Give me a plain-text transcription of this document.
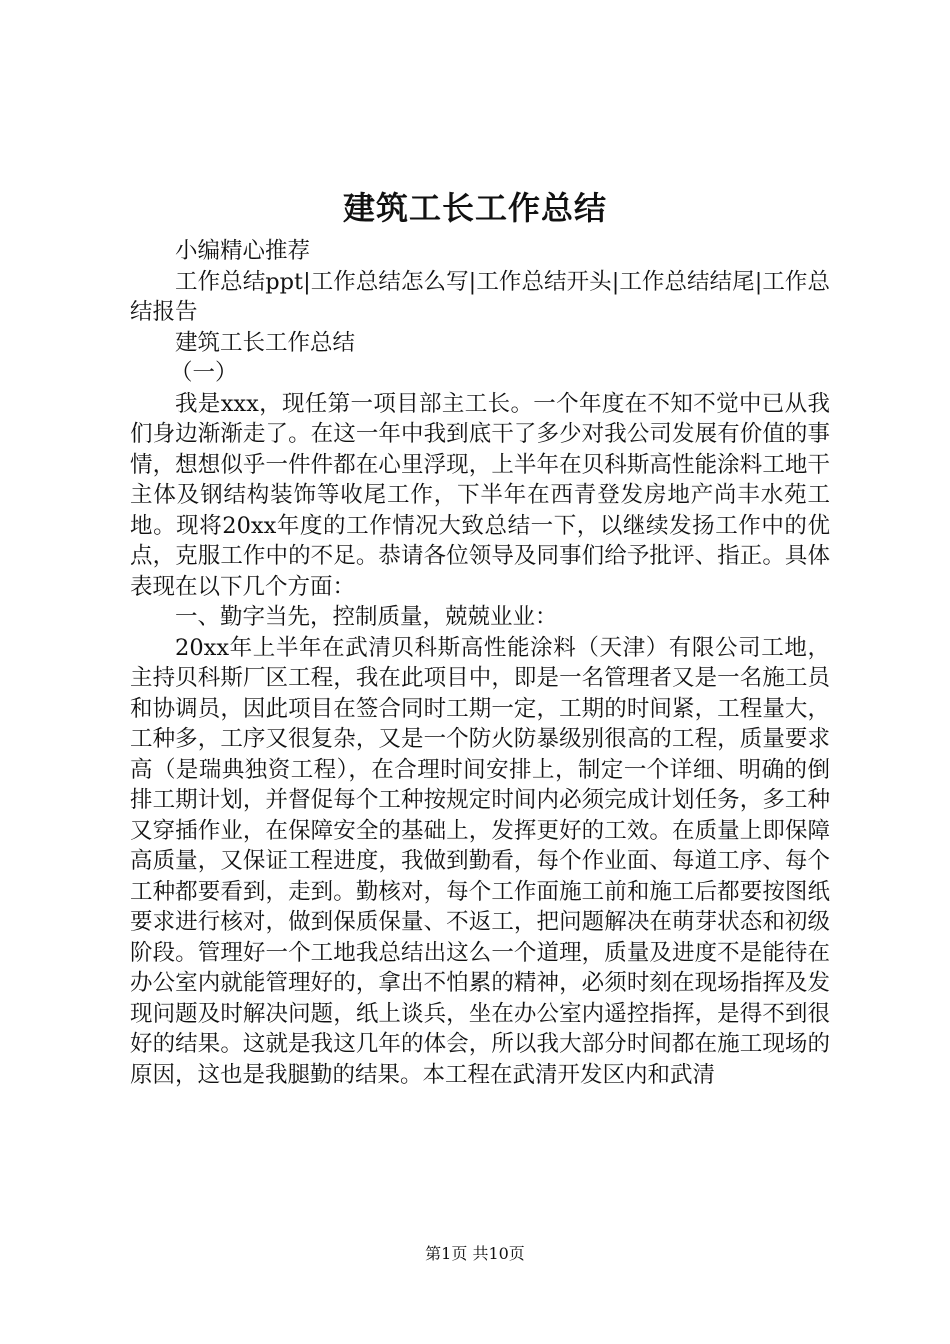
建筑工长工作总结

小编精心推荐

工作总结ppt|工作总结怎么写|工作总结开头|工作总结结尾|工作总结报告

建筑工长工作总结

（一）

我是xxx，现任第一项目部主工长。一个年度在不知不觉中已从我们身边渐渐走了。在这一年中我到底干了多少对我公司发展有价值的事情，想想似乎一件件都在心里浮现，上半年在贝科斯高性能涂料工地干主体及钢结构装饰等收尾工作，下半年在西青登发房地产尚丰水苑工地。现将20xx年度的工作情况大致总结一下，以继续发扬工作中的优点，克服工作中的不足。恭请各位领导及同事们给予批评、指正。具体表现在以下几个方面：

一、勤字当先，控制质量，兢兢业业：

20xx年上半年在武清贝科斯高性能涂料（天津）有限公司工地，主持贝科斯厂区工程，我在此项目中，即是一名管理者又是一名施工员和协调员，因此项目在签合同时工期一定，工期的时间紧，工程量大，工种多，工序又很复杂，又是一个防火防暴级别很高的工程，质量要求高（是瑞典独资工程），在合理时间安排上，制定一个详细、明确的倒排工期计划，并督促每个工种按规定时间内必须完成计划任务，多工种又穿插作业，在保障安全的基础上，发挥更好的工效。在质量上即保障高质量，又保证工程进度，我做到勤看，每个作业面、每道工序、每个工种都要看到，走到。勤核对，每个工作面施工前和施工后都要按图纸要求进行核对，做到保质保量、不返工，把问题解决在萌芽状态和初级阶段。管理好一个工地我总结出这么一个道理，质量及进度不是能待在办公室内就能管理好的，拿出不怕累的精神，必须时刻在现场指挥及发现问题及时解决问题，纸上谈兵，坐在办公室内遥控指挥，是得不到很好的结果。这就是我这几年的体会，所以我大部分时间都在施工现场的原因，这也是我腿勤的结果。本工程在武清开发区内和武清

第1页 共10页
